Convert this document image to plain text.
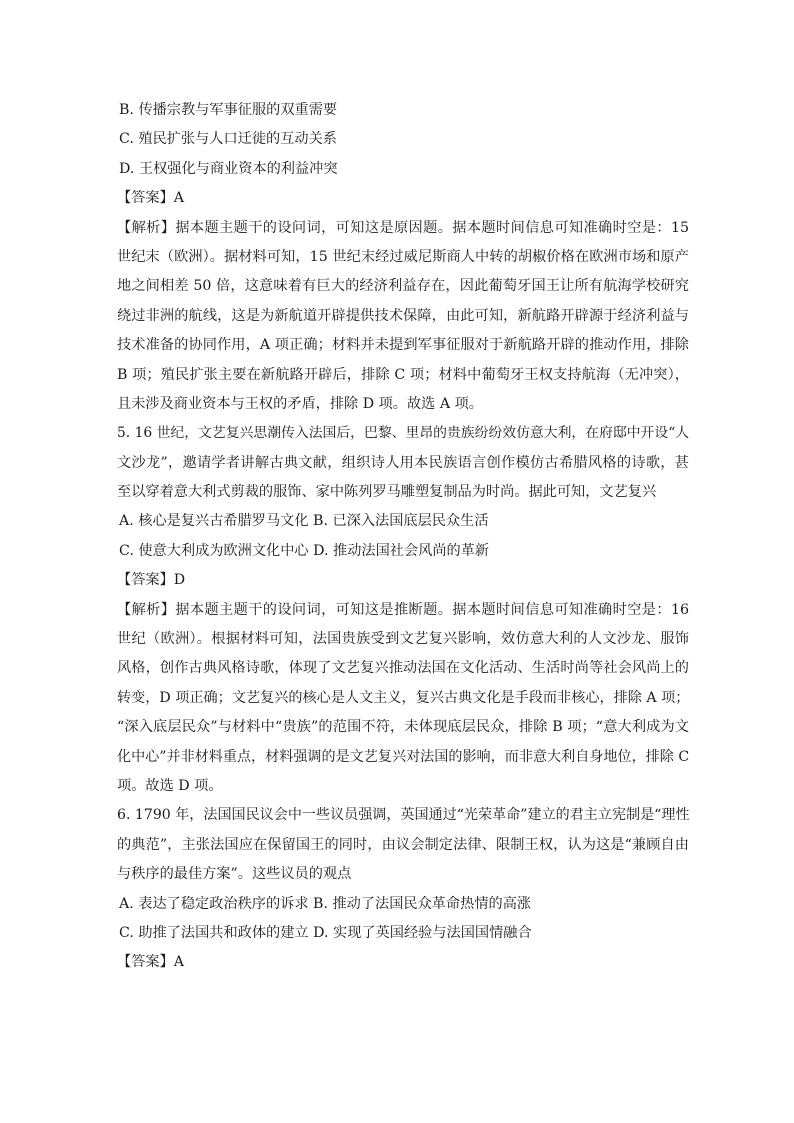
B. 传播宗教与军事征服的双重需要
C. 殖民扩张与人口迁徙的互动关系
D. 王权强化与商业资本的利益冲突
【答案】A
【解析】据本题主题干的设问词，可知这是原因题。据本题时间信息可知准确时空是：15
世纪末（欧洲）。据材料可知，15 世纪末经过威尼斯商人中转的胡椒价格在欧洲市场和原产
地之间相差 50 倍，这意味着有巨大的经济利益存在，因此葡萄牙国王让所有航海学校研究
绕过非洲的航线，这是为新航道开辟提供技术保障，由此可知，新航路开辟源于经济利益与
技术准备的协同作用，A 项正确；材料并未提到军事征服对于新航路开辟的推动作用，排除
B 项；殖民扩张主要在新航路开辟后，排除 C 项；材料中葡萄牙王权支持航海（无冲突），
且未涉及商业资本与王权的矛盾，排除 D 项。故选 A 项。
5. 16 世纪，文艺复兴思潮传入法国后，巴黎、里昂的贵族纷纷效仿意大利，在府邸中开设“人
文沙龙”，邀请学者讲解古典文献，组织诗人用本民族语言创作模仿古希腊风格的诗歌，甚
至以穿着意大利式剪裁的服饰、家中陈列罗马雕塑复制品为时尚。据此可知，文艺复兴
A. 核心是复兴古希腊罗马文化 B. 已深入法国底层民众生活
C. 使意大利成为欧洲文化中心 D. 推动法国社会风尚的革新
【答案】D
【解析】据本题主题干的设问词，可知这是推断题。据本题时间信息可知准确时空是：16
世纪（欧洲）。根据材料可知，法国贵族受到文艺复兴影响，效仿意大利的人文沙龙、服饰
风格，创作古典风格诗歌，体现了文艺复兴推动法国在文化活动、生活时尚等社会风尚上的
转变，D 项正确；文艺复兴的核心是人文主义，复兴古典文化是手段而非核心，排除 A 项；
“深入底层民众”与材料中“贵族”的范围不符，未体现底层民众，排除 B 项；“意大利成为文
化中心”并非材料重点，材料强调的是文艺复兴对法国的影响，而非意大利自身地位，排除 C
项。故选 D 项。
6. 1790 年，法国国民议会中一些议员强调，英国通过“光荣革命”建立的君主立宪制是“理性
的典范”，主张法国应在保留国王的同时，由议会制定法律、限制王权，认为这是“兼顾自由
与秩序的最佳方案”。这些议员的观点
A. 表达了稳定政治秩序的诉求 B. 推动了法国民众革命热情的高涨
C. 助推了法国共和政体的建立 D. 实现了英国经验与法国国情融合
【答案】A
